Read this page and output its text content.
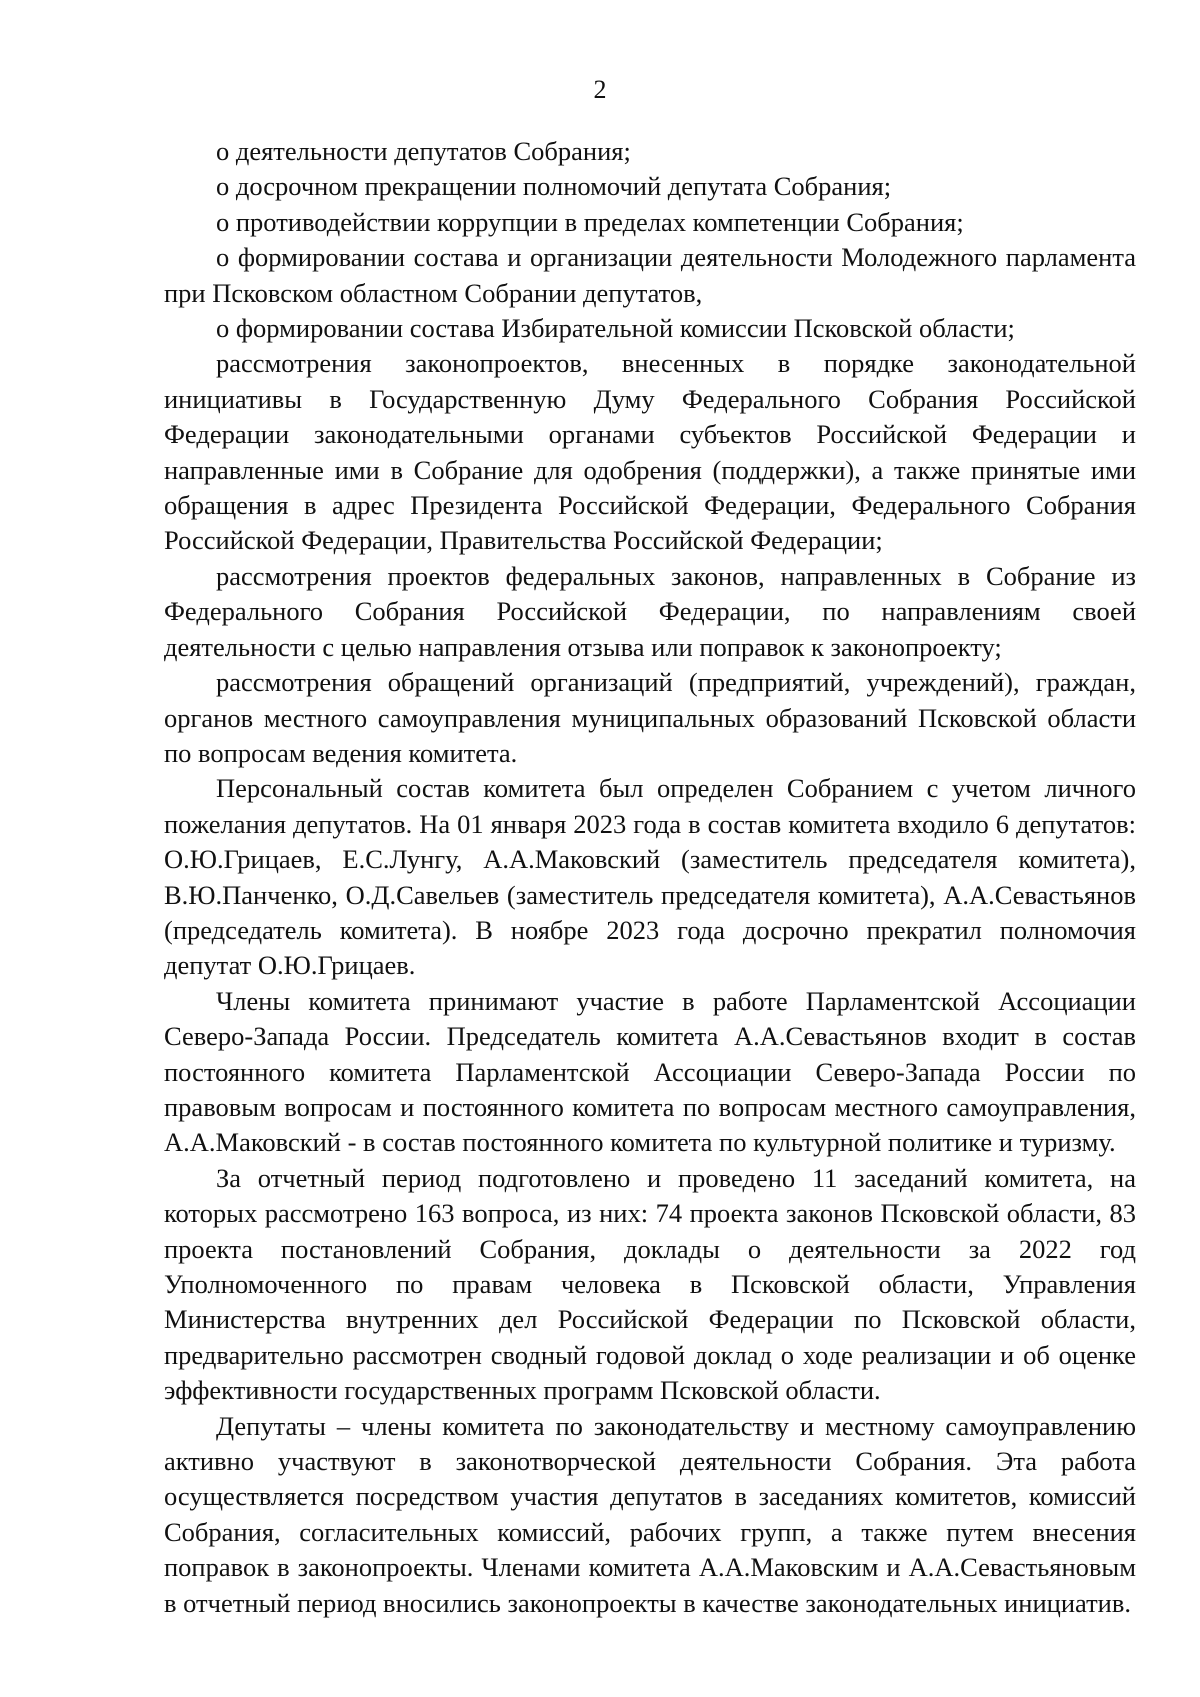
2

о деятельности депутатов Собрания;

о досрочном прекращении полномочий депутата Собрания;

о противодействии коррупции в пределах компетенции Собрания;

о формировании состава и организации деятельности Молодежного парламента при Псковском областном Собрании депутатов,

о формировании состава Избирательной комиссии Псковской области;

рассмотрения законопроектов, внесенных в порядке законодательной инициативы в Государственную Думу Федерального Собрания Российской Федерации законодательными органами субъектов Российской Федерации и направленные ими в Собрание для одобрения (поддержки), а также принятые ими обращения в адрес Президента Российской Федерации, Федерального Собрания Российской Федерации, Правительства Российской Федерации;

рассмотрения проектов федеральных законов, направленных в Собрание из Федерального Собрания Российской Федерации, по направлениям своей деятельности с целью направления отзыва или поправок к законопроекту;

рассмотрения обращений организаций (предприятий, учреждений), граждан, органов местного самоуправления муниципальных образований Псковской области по вопросам ведения комитета.

Персональный состав комитета был определен Собранием с учетом личного пожелания депутатов. На 01 января 2023 года в состав комитета входило 6 депутатов: О.Ю.Грицаев, Е.С.Лунгу, А.А.Маковский (заместитель председателя комитета), В.Ю.Панченко, О.Д.Савельев (заместитель председателя комитета), А.А.Севастьянов (председатель комитета). В ноябре 2023 года досрочно прекратил полномочия депутат О.Ю.Грицаев.

Члены комитета принимают участие в работе Парламентской Ассоциации Северо-Запада России. Председатель комитета А.А.Севастьянов входит в состав постоянного комитета Парламентской Ассоциации Северо-Запада России по правовым вопросам и постоянного комитета по вопросам местного самоуправления, А.А.Маковский - в состав постоянного комитета по культурной политике и туризму.

За отчетный период подготовлено и проведено 11 заседаний комитета, на которых рассмотрено 163 вопроса, из них: 74 проекта законов Псковской области, 83 проекта постановлений Собрания, доклады о деятельности за 2022 год Уполномоченного по правам человека в Псковской области, Управления Министерства внутренних дел Российской Федерации по Псковской области, предварительно рассмотрен сводный годовой доклад о ходе реализации и об оценке эффективности государственных программ Псковской области.

Депутаты – члены комитета по законодательству и местному самоуправлению активно участвуют в законотворческой деятельности Собрания. Эта работа осуществляется посредством участия депутатов в заседаниях комитетов, комиссий Собрания, согласительных комиссий, рабочих групп, а также путем внесения поправок в законопроекты. Членами комитета А.А.Маковским и А.А.Севастьяновым в отчетный период вносились законопроекты в качестве законодательных инициатив.
